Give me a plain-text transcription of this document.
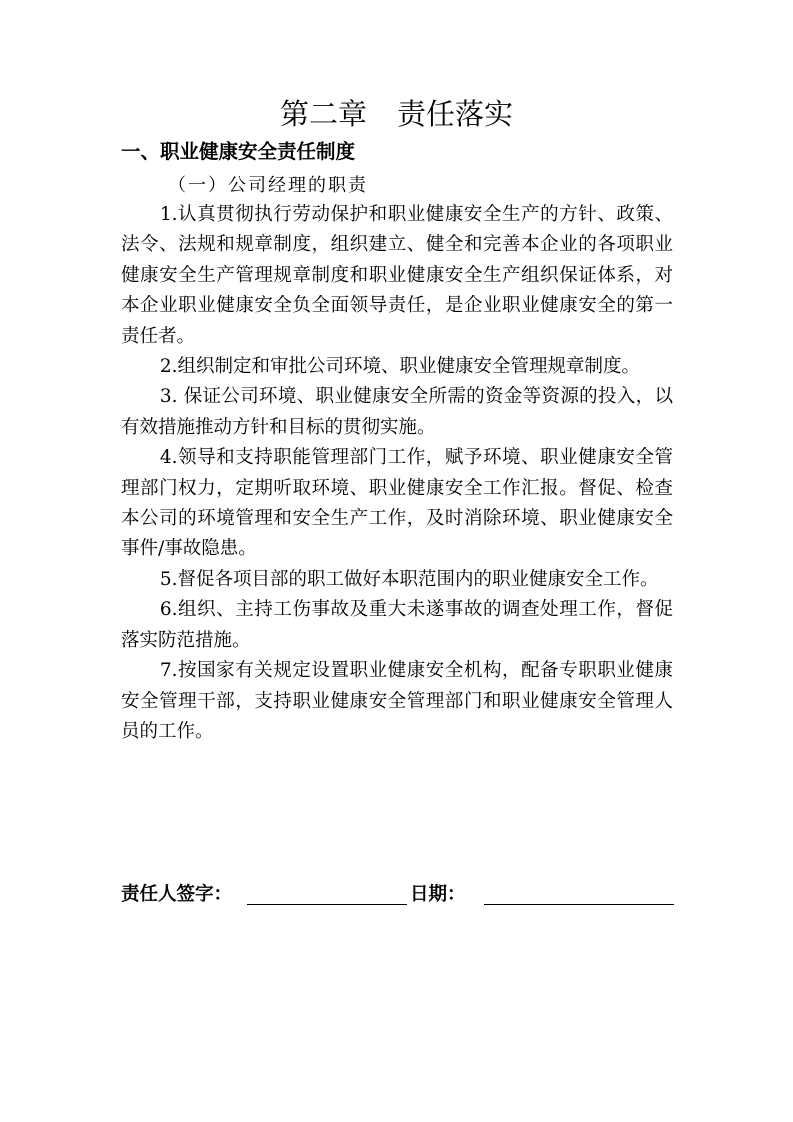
第二章 责任落实
一、职业健康安全责任制度
（一）公司经理的职责

1.认真贯彻执行劳动保护和职业健康安全生产的方针、政策、法令、法规和规章制度，组织建立、健全和完善本企业的各项职业健康安全生产管理规章制度和职业健康安全生产组织保证体系，对本企业职业健康安全负全面领导责任，是企业职业健康安全的第一责任者。

2.组织制定和审批公司环境、职业健康安全管理规章制度。

3. 保证公司环境、职业健康安全所需的资金等资源的投入，以有效措施推动方针和目标的贯彻实施。

4.领导和支持职能管理部门工作，赋予环境、职业健康安全管理部门权力，定期听取环境、职业健康安全工作汇报。督促、检查本公司的环境管理和安全生产工作，及时消除环境、职业健康安全事件/事故隐患。

5.督促各项目部的职工做好本职范围内的职业健康安全工作。

6.组织、主持工伤事故及重大未遂事故的调查处理工作，督促落实防范措施。

7.按国家有关规定设置职业健康安全机构，配备专职职业健康安全管理干部，支持职业健康安全管理部门和职业健康安全管理人员的工作。

责任人签字：	日期：
